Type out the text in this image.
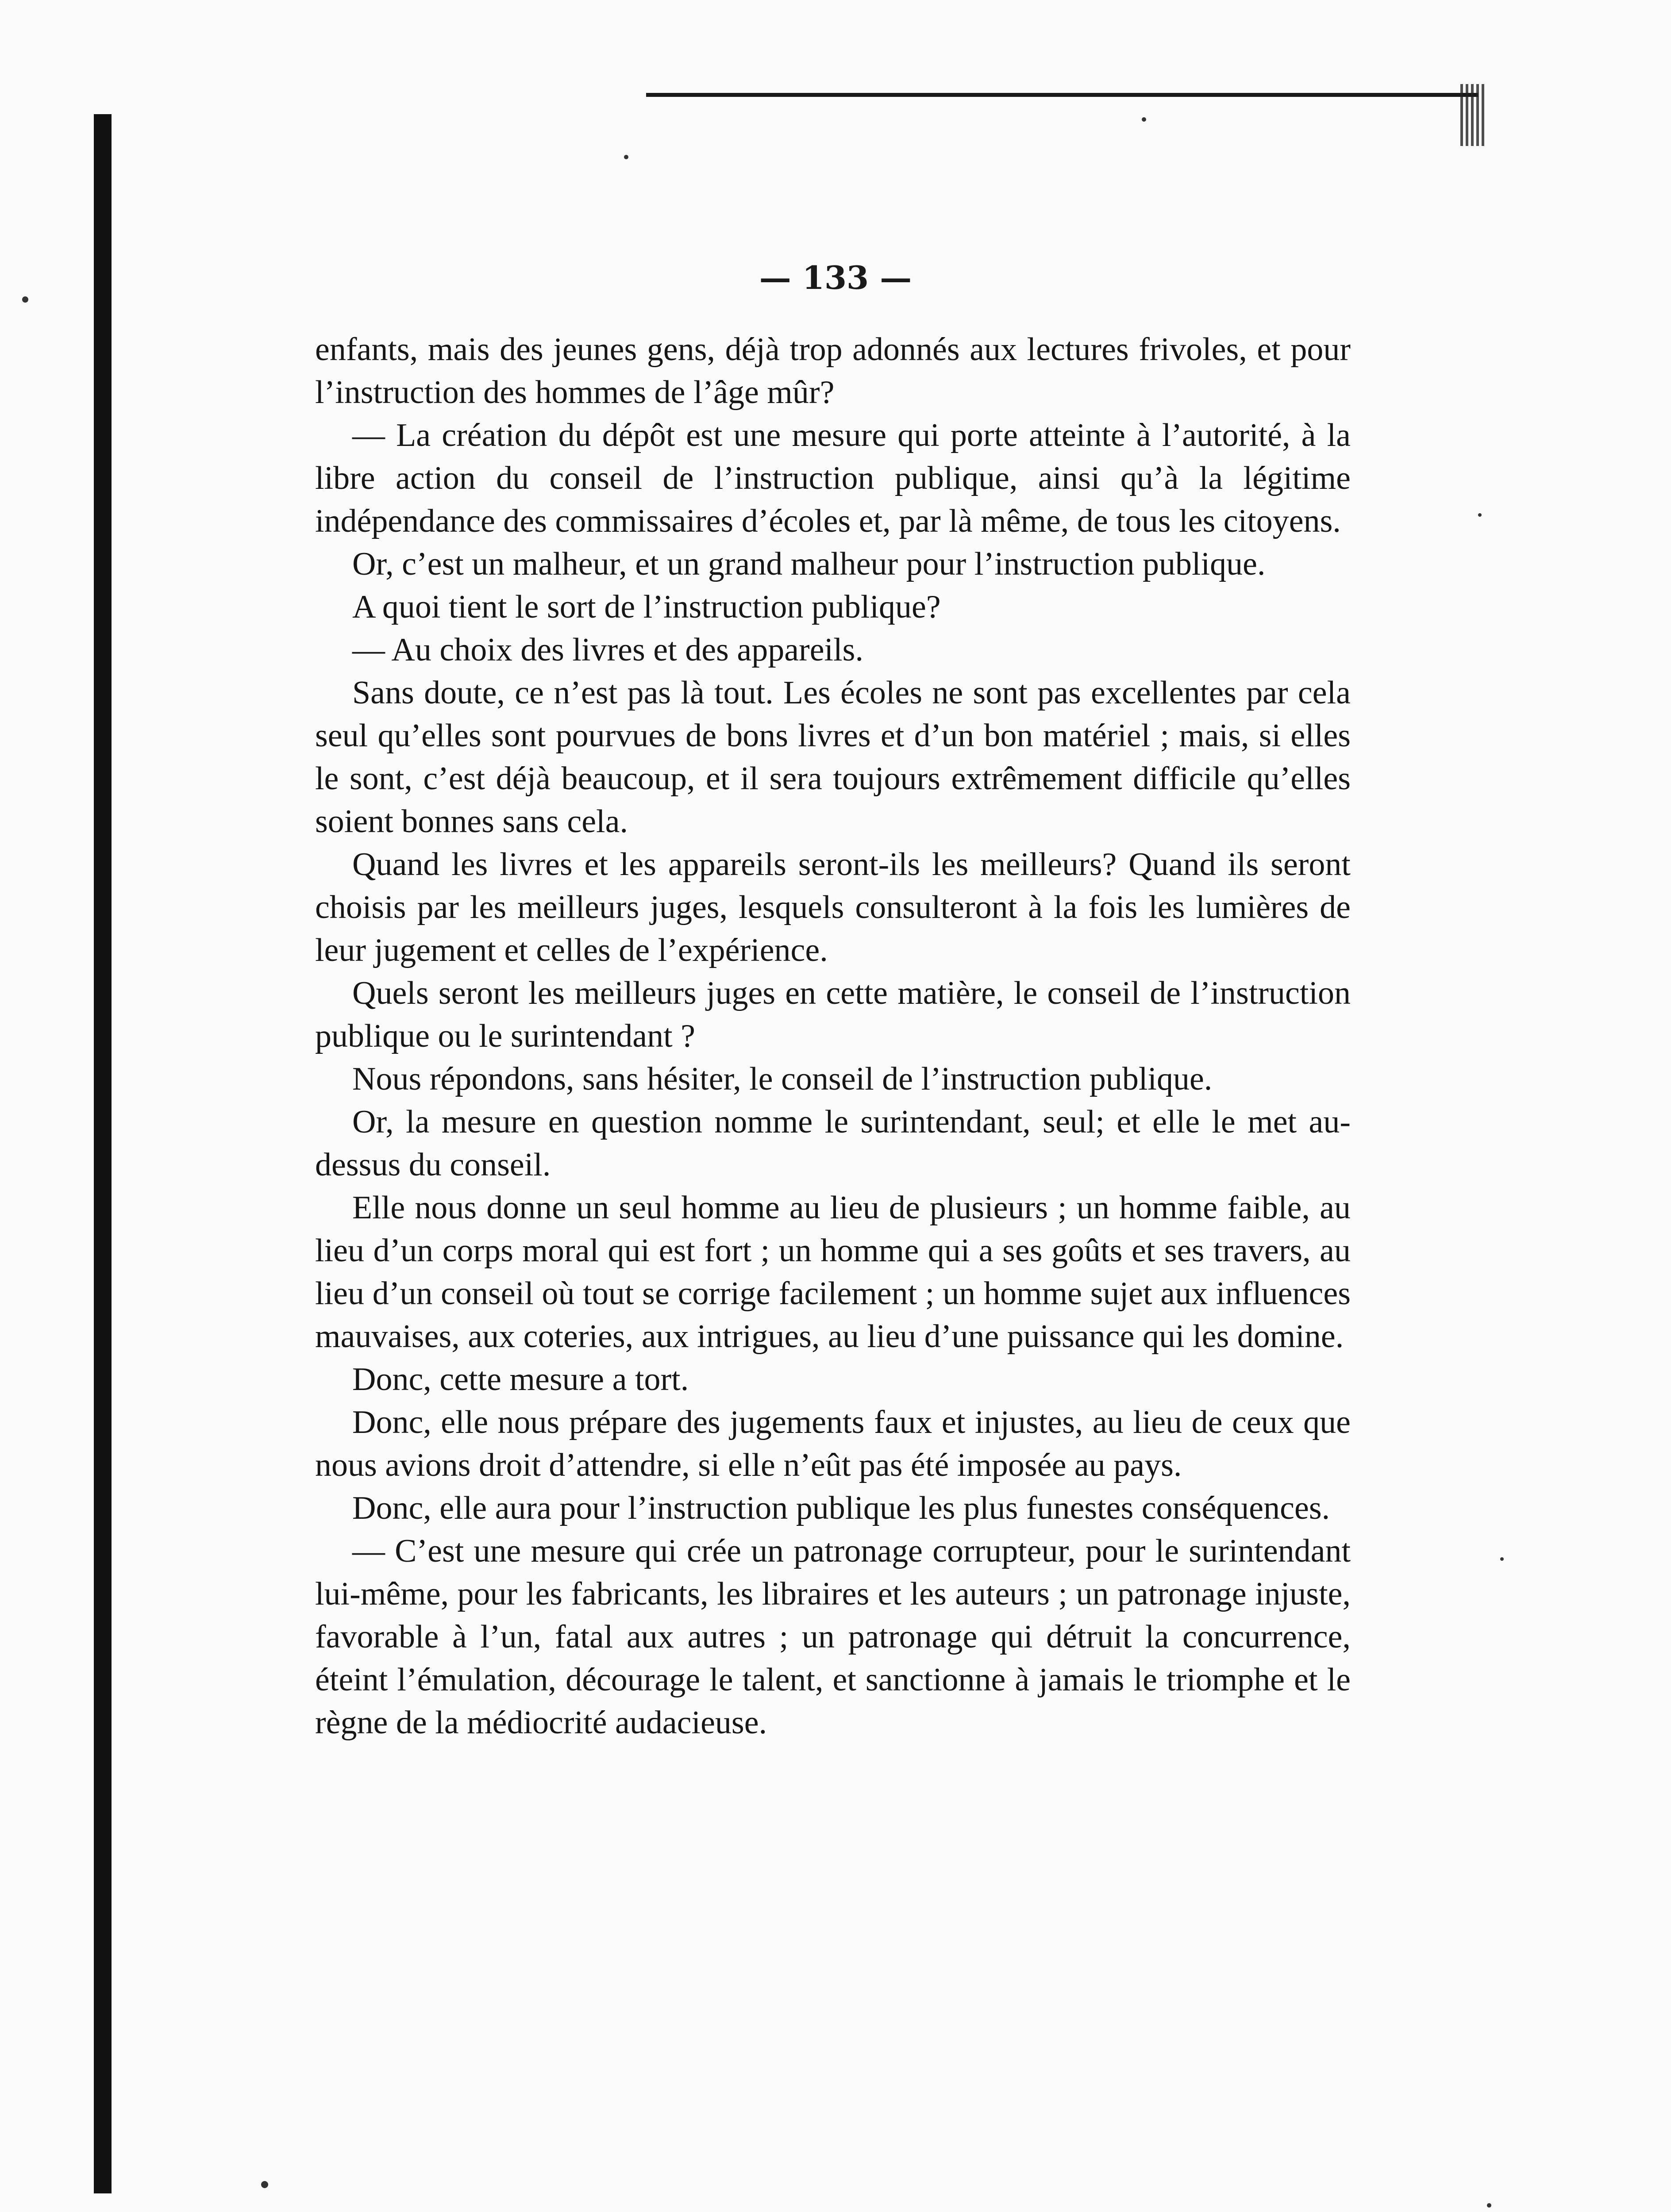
— 133 —

enfants, mais des jeunes gens, déjà trop adonnés aux lectures frivoles, et pour l’instruction des hommes de l’âge mûr?

— La création du dépôt est une mesure qui porte atteinte à l’autorité, à la libre action du conseil de l’instruction publique, ainsi qu’à la légitime indépendance des commissaires d’écoles et, par là même, de tous les citoyens.

Or, c’est un malheur, et un grand malheur pour l’instruction publique.

A quoi tient le sort de l’instruction publique?

— Au choix des livres et des appareils.

Sans doute, ce n’est pas là tout. Les écoles ne sont pas excellentes par cela seul qu’elles sont pourvues de bons livres et d’un bon matériel ; mais, si elles le sont, c’est déjà beaucoup, et il sera toujours extrêmement difficile qu’elles soient bonnes sans cela.

Quand les livres et les appareils seront-ils les meilleurs? Quand ils seront choisis par les meilleurs juges, lesquels consulteront à la fois les lumières de leur jugement et celles de l’expérience.

Quels seront les meilleurs juges en cette matière, le conseil de l’instruction publique ou le surintendant ?

Nous répondons, sans hésiter, le conseil de l’instruction publique.

Or, la mesure en question nomme le surintendant, seul; et elle le met au-dessus du conseil.

Elle nous donne un seul homme au lieu de plusieurs ; un homme faible, au lieu d’un corps moral qui est fort ; un homme qui a ses goûts et ses travers, au lieu d’un conseil où tout se corrige facilement ; un homme sujet aux influences mauvaises, aux coteries, aux intrigues, au lieu d’une puissance qui les domine.

Donc, cette mesure a tort.

Donc, elle nous prépare des jugements faux et injustes, au lieu de ceux que nous avions droit d’attendre, si elle n’eût pas été imposée au pays.

Donc, elle aura pour l’instruction publique les plus funestes conséquences.

— C’est une mesure qui crée un patronage corrupteur, pour le surintendant lui-même, pour les fabricants, les libraires et les auteurs ; un patronage injuste, favorable à l’un, fatal aux autres ; un patronage qui détruit la concurrence, éteint l’émulation, décourage le talent, et sanctionne à jamais le triomphe et le règne de la médiocrité audacieuse.
